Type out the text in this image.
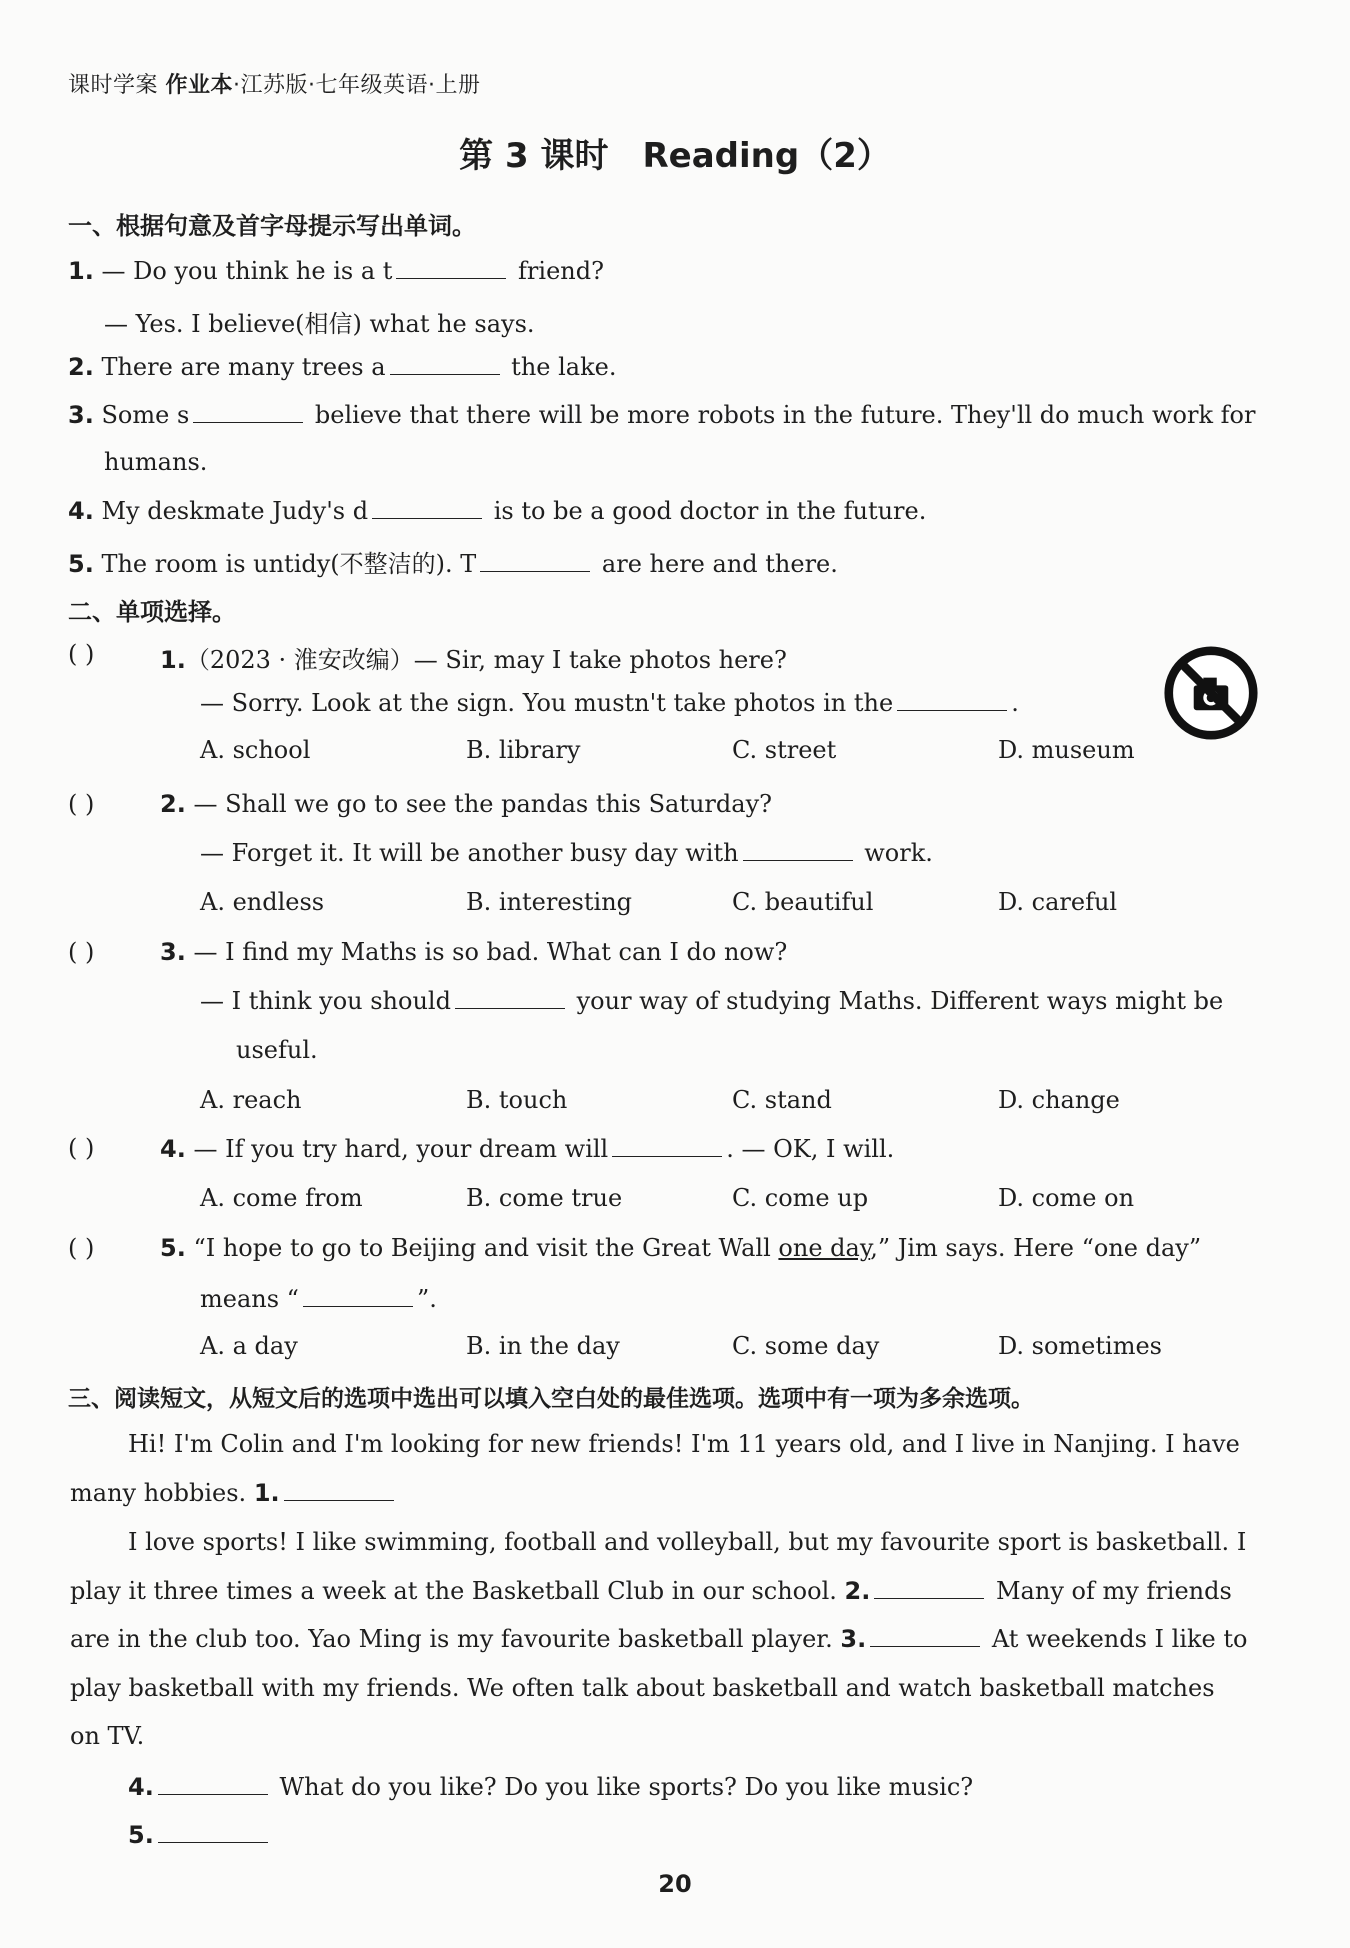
课时学案 作业本·江苏版·七年级英语·上册
第 3 课时　Reading（2）
一、根据句意及首字母提示写出单词。
1. — Do you think he is a t	friend?
— Yes. I believe(相信) what he says.
2. There are many trees a	the lake.
3. Some s	believe that there will be more robots in the future. They'll do much work for
humans.
4. My deskmate Judy's d	is to be a good doctor in the future.
5. The room is untidy(不整洁的). T	are here and there.
二、单项选择。
( )	1.（2023 · 淮安改编）— Sir, may I take photos here?
— Sorry. Look at the sign. You mustn't take photos in the	.
A. school	B. library	C. street	D. museum
( )	2. — Shall we go to see the pandas this Saturday?
— Forget it. It will be another busy day with	work.
A. endless	B. interesting	C. beautiful	D. careful
( )	3. — I find my Maths is so bad. What can I do now?
— I think you should	your way of studying Maths. Different ways might be
useful.
A. reach	B. touch	C. stand	D. change
( )	4. — If you try hard, your dream will	. — OK, I will.
A. come from	B. come true	C. come up	D. come on
( )	5. “I hope to go to Beijing and visit the Great Wall one day,” Jim says. Here “one day”
means “	”.
A. a day	B. in the day	C. some day	D. sometimes
三、阅读短文，从短文后的选项中选出可以填入空白处的最佳选项。选项中有一项为多余选项。
Hi! I'm Colin and I'm looking for new friends! I'm 11 years old, and I live in Nanjing. I have
many hobbies. 1.
I love sports! I like swimming, football and volleyball, but my favourite sport is basketball. I
play it three times a week at the Basketball Club in our school. 2.	Many of my friends
are in the club too. Yao Ming is my favourite basketball player. 3.	At weekends I like to
play basketball with my friends. We often talk about basketball and watch basketball matches
on TV.
4.	What do you like? Do you like sports? Do you like music?
5.
20
